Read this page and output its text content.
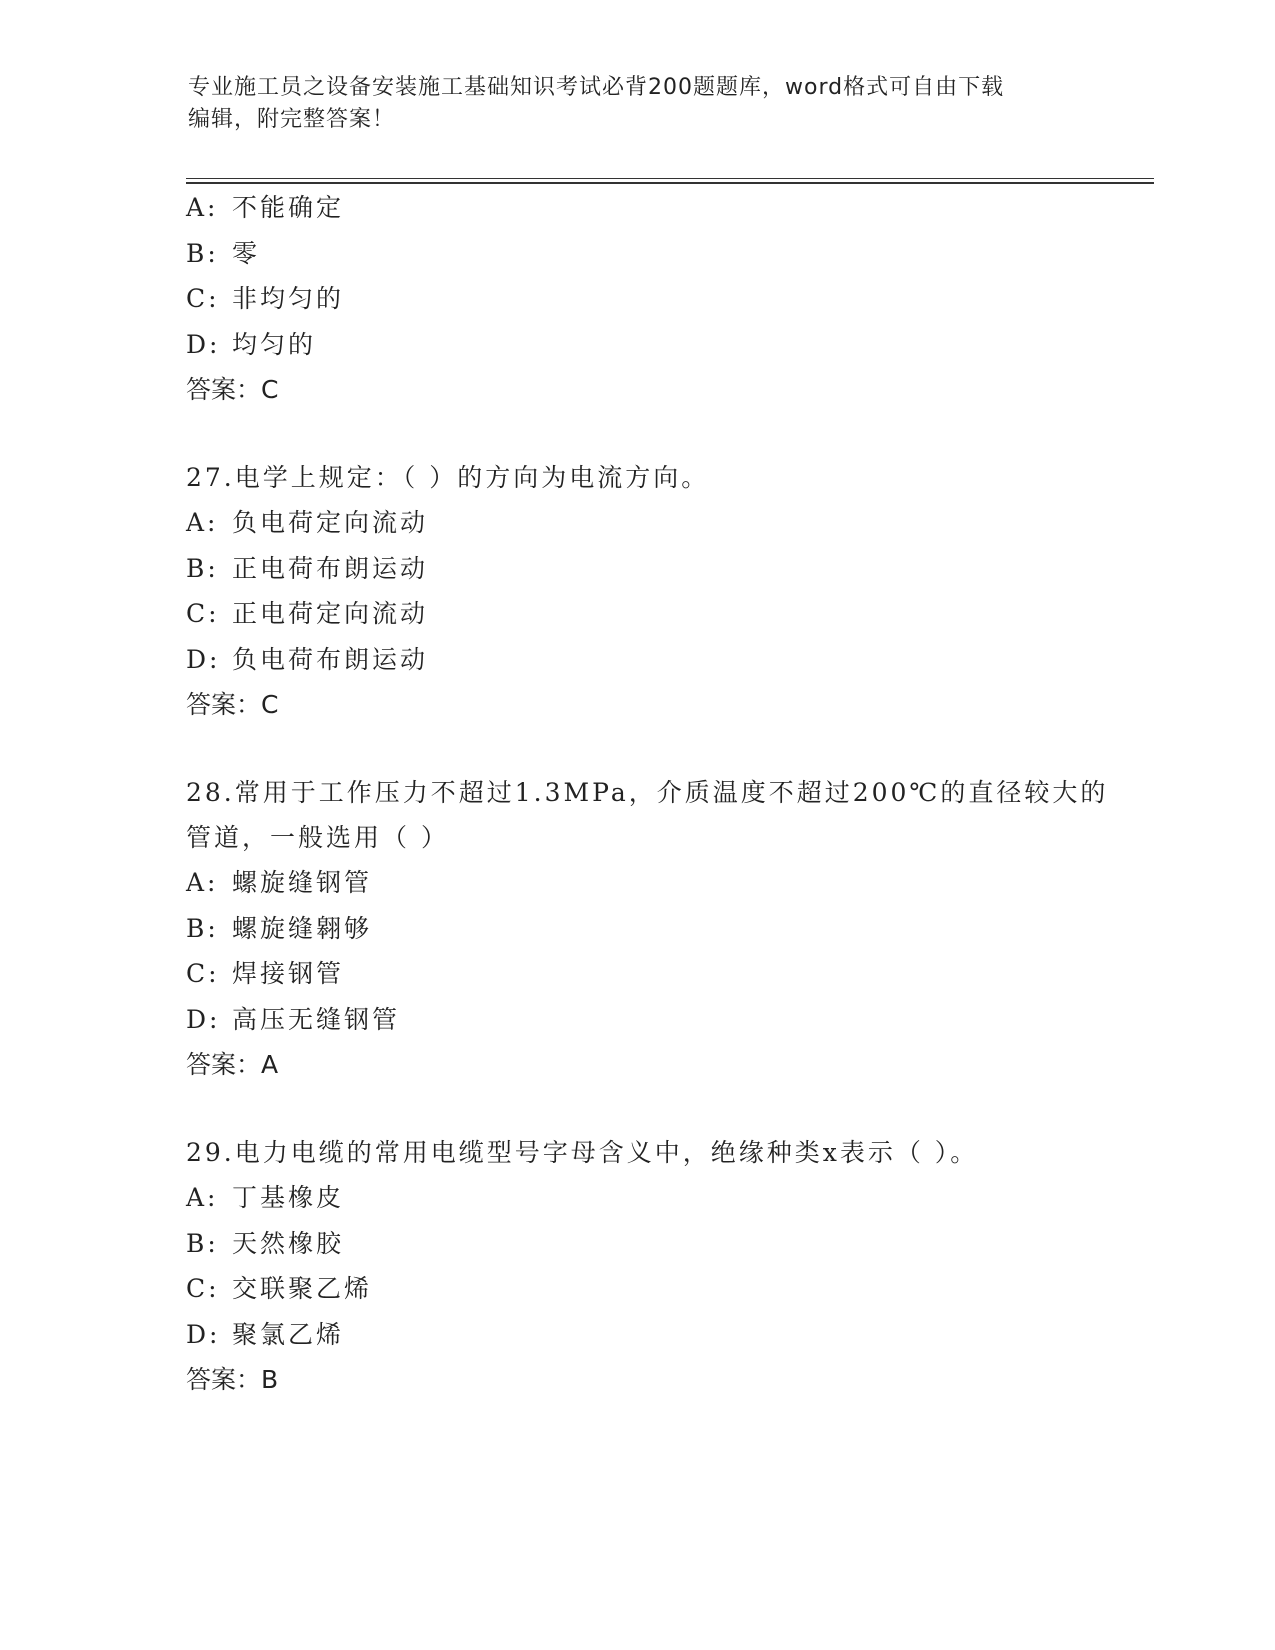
专业施工员之设备安装施工基础知识考试必背200题题库，word格式可自由下载
编辑，附完整答案！
A: 不能确定
B: 零
C: 非均匀的
D: 均匀的
答案：C

27.电学上规定：（ ）的方向为电流方向。

A: 负电荷定向流动
B: 正电荷布朗运动
C: 正电荷定向流动
D: 负电荷布朗运动
答案：C

28.常用于工作压力不超过1.3MPa，介质温度不超过200℃的直径较大的管道，一般选用（ ）

A: 螺旋缝钢管
B: 螺旋缝翱够
C: 焊接钢管
D: 高压无缝钢管
答案：A

29.电力电缆的常用电缆型号字母含义中，绝缘种类x表示（ ）。

A: 丁基橡皮
B: 天然橡胶
C: 交联聚乙烯
D: 聚氯乙烯
答案：B
